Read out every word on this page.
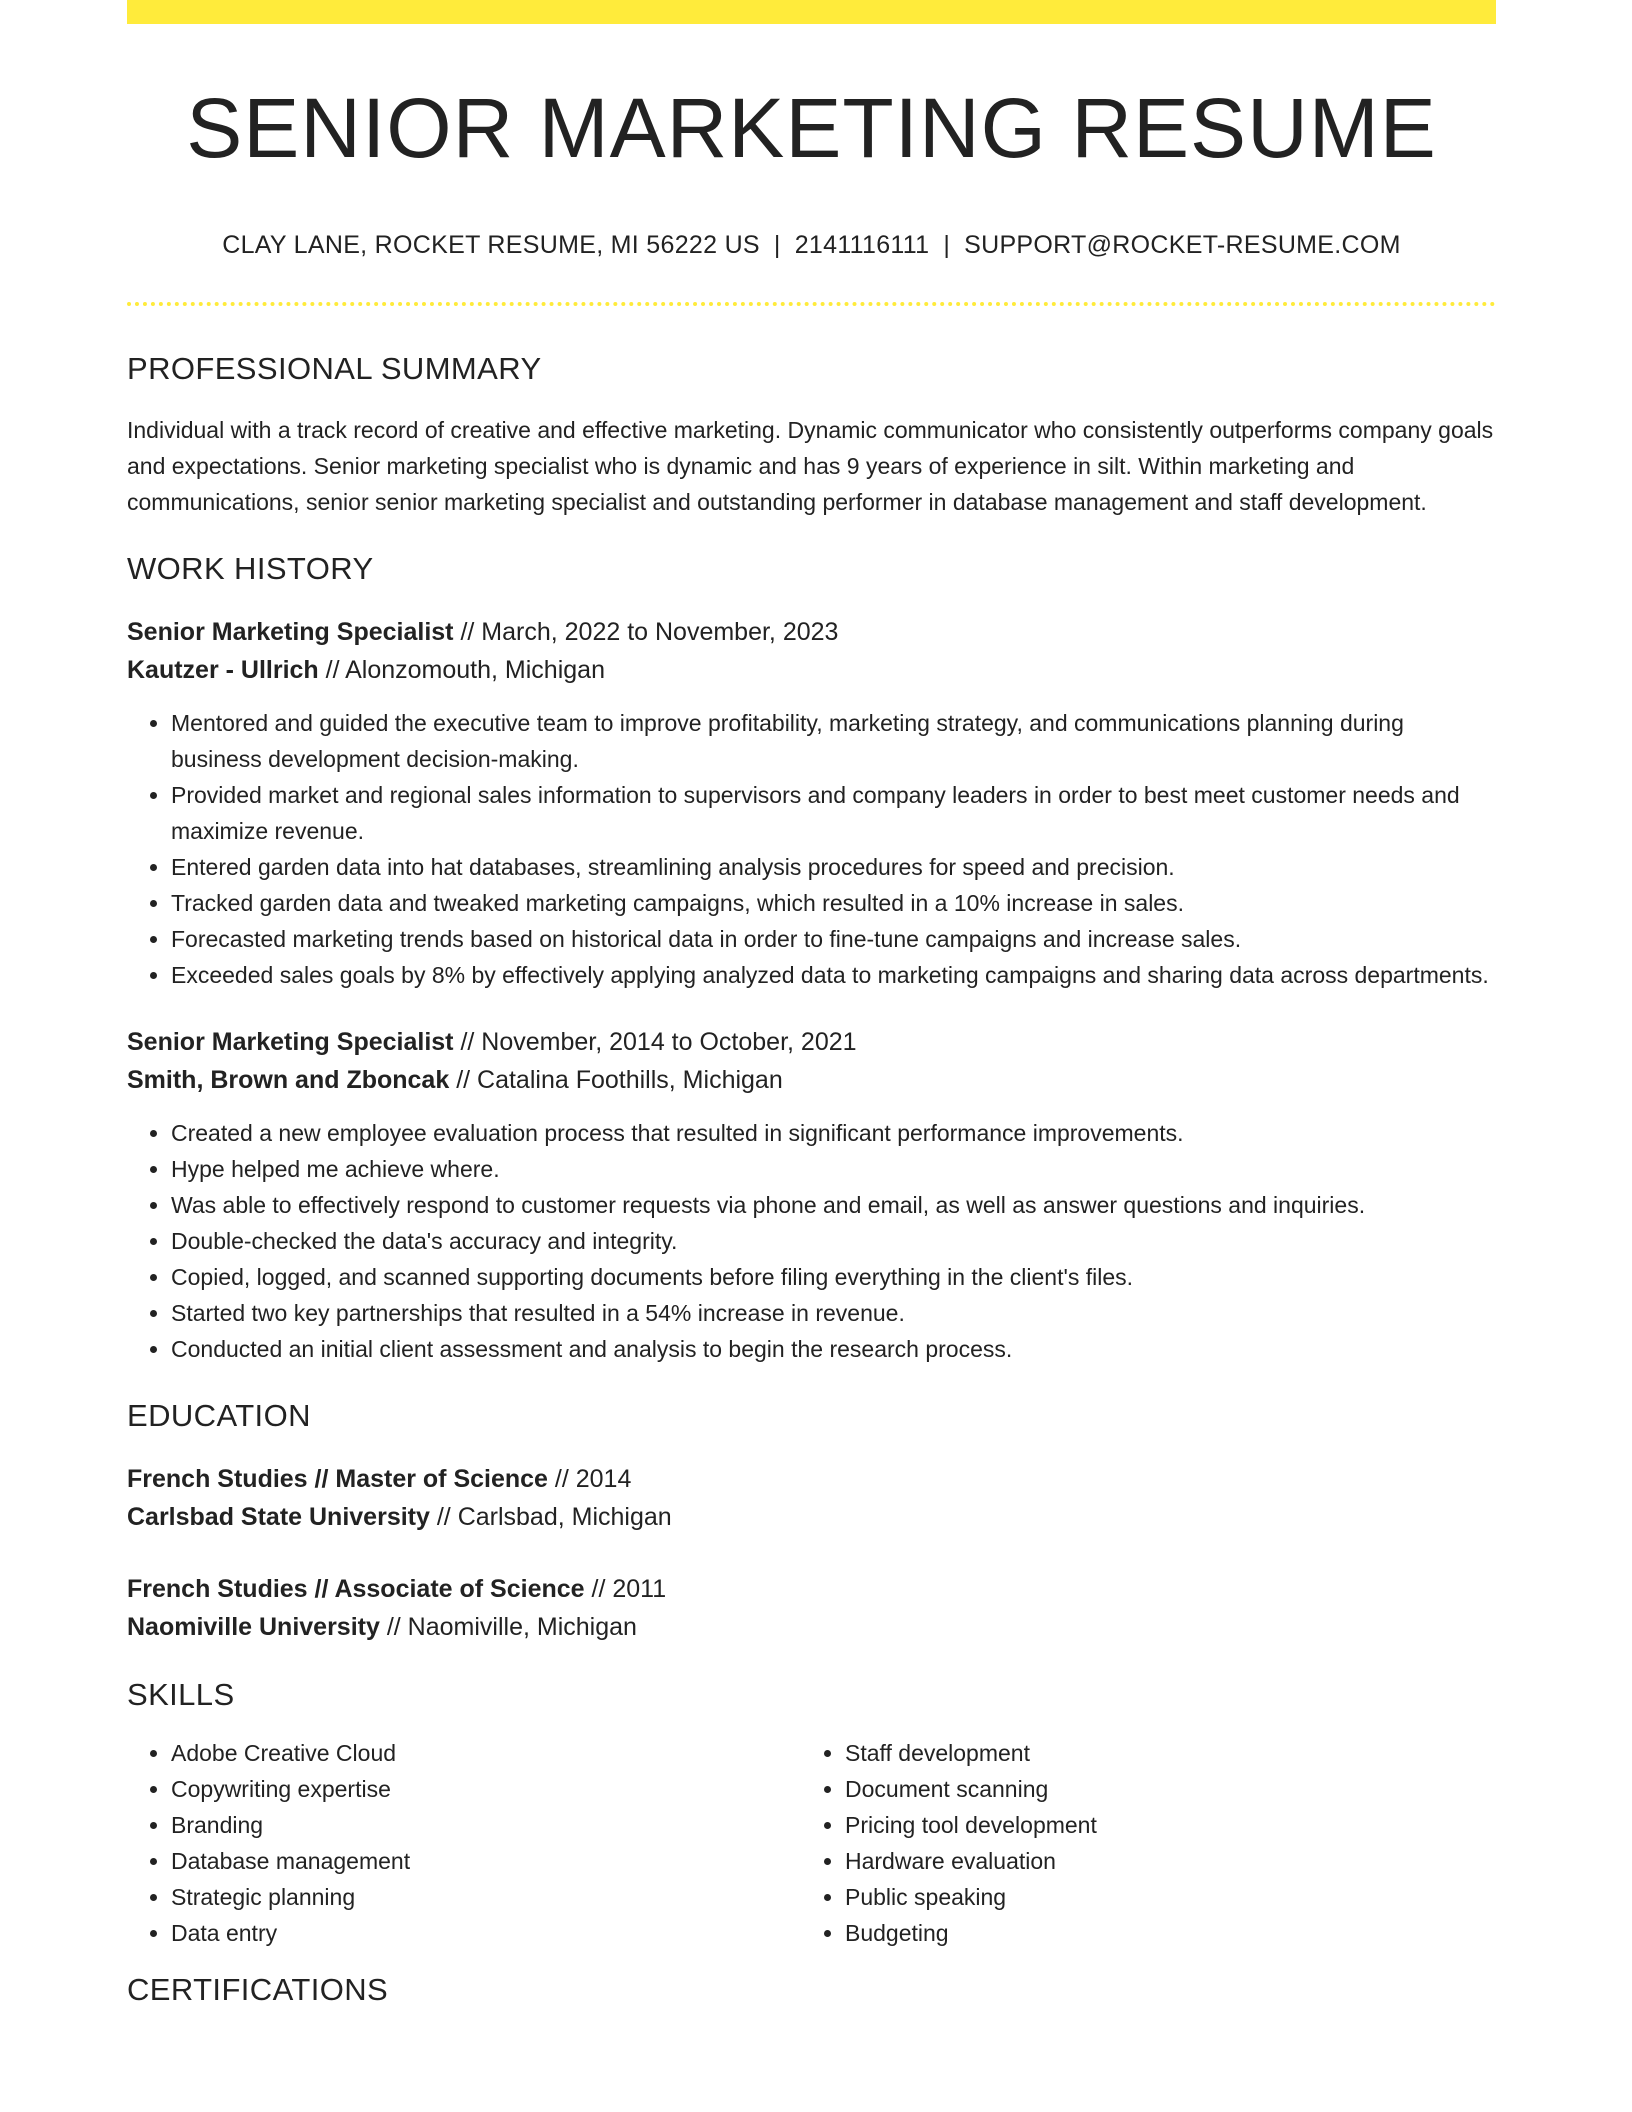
SENIOR MARKETING RESUME
CLAY LANE, ROCKET RESUME, MI 56222 US | 2141116111 | SUPPORT@ROCKET-RESUME.COM
PROFESSIONAL SUMMARY

Individual with a track record of creative and effective marketing. Dynamic communicator who consistently outperforms company goals and expectations. Senior marketing specialist who is dynamic and has 9 years of experience in silt. Within marketing and communications, senior senior marketing specialist and outstanding performer in database management and staff development.

WORK HISTORY
Senior Marketing Specialist // March, 2022 to November, 2023
Kautzer - Ullrich // Alonzomouth, Michigan
• Mentored and guided the executive team to improve profitability, marketing strategy, and communications planning during business development decision-making.
• Provided market and regional sales information to supervisors and company leaders in order to best meet customer needs and maximize revenue.
• Entered garden data into hat databases, streamlining analysis procedures for speed and precision.
• Tracked garden data and tweaked marketing campaigns, which resulted in a 10% increase in sales.
• Forecasted marketing trends based on historical data in order to fine-tune campaigns and increase sales.
• Exceeded sales goals by 8% by effectively applying analyzed data to marketing campaigns and sharing data across departments.
Senior Marketing Specialist // November, 2014 to October, 2021
Smith, Brown and Zboncak // Catalina Foothills, Michigan
• Created a new employee evaluation process that resulted in significant performance improvements.
• Hype helped me achieve where.
• Was able to effectively respond to customer requests via phone and email, as well as answer questions and inquiries.
• Double-checked the data's accuracy and integrity.
• Copied, logged, and scanned supporting documents before filing everything in the client's files.
• Started two key partnerships that resulted in a 54% increase in revenue.
• Conducted an initial client assessment and analysis to begin the research process.
EDUCATION
French Studies // Master of Science // 2014
Carlsbad State University // Carlsbad, Michigan
French Studies // Associate of Science // 2011
Naomiville University // Naomiville, Michigan
SKILLS
• Adobe Creative Cloud
• Copywriting expertise
• Branding
• Database management
• Strategic planning
• Data entry
• Staff development
• Document scanning
• Pricing tool development
• Hardware evaluation
• Public speaking
• Budgeting
CERTIFICATIONS
